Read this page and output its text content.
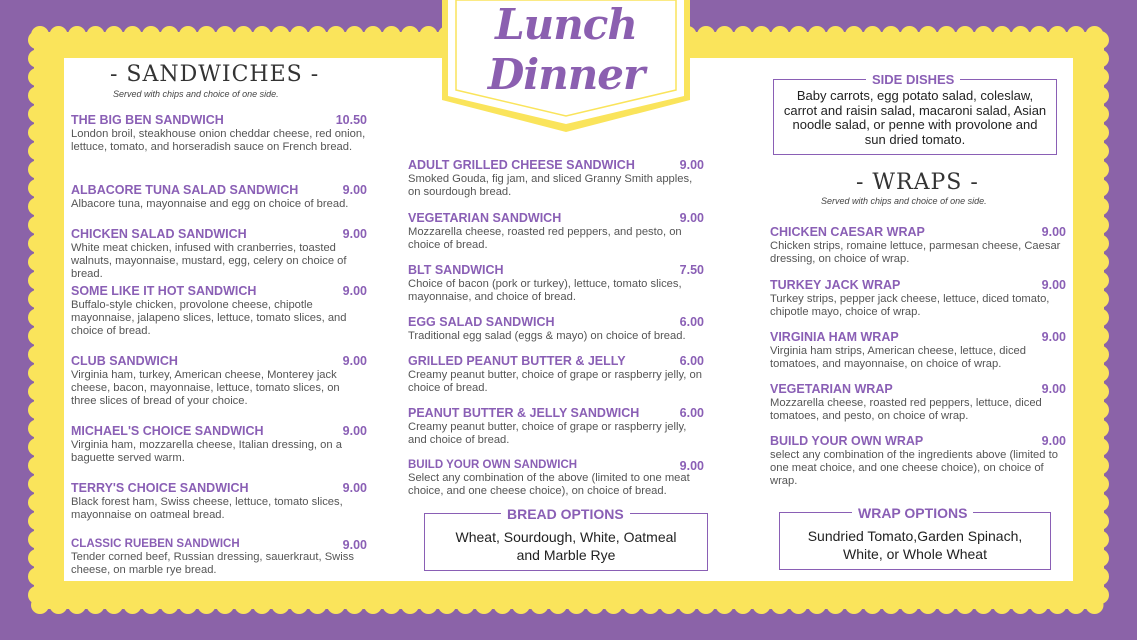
Lunch
Dinner
- SANDWICHES -
Served with chips and choice of one side.
THE BIG BEN SANDWICH	10.50
London broil, steakhouse onion cheddar cheese, red onion, lettuce, tomato, and horseradish sauce on French bread.
ALBACORE TUNA SALAD SANDWICH	9.00
Albacore tuna, mayonnaise and egg on choice of bread.
CHICKEN SALAD SANDWICH	9.00
White meat chicken, infused with cranberries, toasted walnuts, mayonnaise, mustard, egg, celery on choice of bread.
SOME LIKE IT HOT SANDWICH	9.00
Buffalo-style chicken, provolone cheese, chipotle mayonnaise, jalapeno slices, lettuce, tomato slices, and choice of bread.
CLUB SANDWICH	9.00
Virginia ham, turkey, American cheese, Monterey jack cheese, bacon, mayonnaise, lettuce, tomato slices, on three slices of bread of your choice.
MICHAEL'S CHOICE SANDWICH	9.00
Virginia ham, mozzarella cheese, Italian dressing, on a baguette served warm.
TERRY'S CHOICE SANDWICH	9.00
Black forest ham, Swiss cheese, lettuce, tomato slices, mayonnaise on oatmeal bread.
CLASSIC RUEBEN SANDWICH	9.00
Tender corned beef, Russian dressing, sauerkraut, Swiss cheese, on marble rye bread.
ADULT GRILLED CHEESE SANDWICH	9.00
Smoked Gouda, fig jam, and sliced Granny Smith apples, on sourdough bread.
VEGETARIAN SANDWICH	9.00
Mozzarella cheese, roasted red peppers, and pesto, on choice of bread.
BLT SANDWICH	7.50
Choice of bacon (pork or turkey), lettuce, tomato slices, mayonnaise, and choice of bread.
EGG SALAD SANDWICH	6.00
Traditional egg salad (eggs & mayo) on choice of bread.
GRILLED PEANUT BUTTER & JELLY	6.00
Creamy peanut butter, choice of grape or raspberry jelly, on choice of bread.
PEANUT BUTTER & JELLY SANDWICH	6.00
Creamy peanut butter, choice of grape or raspberry jelly, and choice of bread.
BUILD YOUR OWN SANDWICH	9.00
Select any combination of the above (limited to one meat choice, and one cheese choice), on choice of bread.
BREAD OPTIONS
Wheat, Sourdough, White, Oatmeal and Marble Rye
SIDE DISHES
Baby carrots, egg potato salad, coleslaw, carrot and raisin salad, macaroni salad, Asian noodle salad, or penne with provolone and sun dried tomato.
- WRAPS -
Served with chips and choice of one side.
CHICKEN CAESAR WRAP	9.00
Chicken strips, romaine lettuce, parmesan cheese, Caesar dressing, on choice of wrap.
TURKEY JACK WRAP	9.00
Turkey strips, pepper jack cheese, lettuce, diced tomato, chipotle mayo, choice of wrap.
VIRGINIA HAM WRAP	9.00
Virginia ham strips, American cheese, lettuce, diced tomatoes, and mayonnaise, on choice of wrap.
VEGETARIAN WRAP	9.00
Mozzarella cheese, roasted red peppers, lettuce, diced tomatoes, and pesto, on choice of wrap.
BUILD YOUR OWN WRAP	9.00
select any combination of the ingredients above (limited to one meat choice, and one cheese choice), on choice of wrap.
WRAP OPTIONS
Sundried Tomato,Garden Spinach, White, or Whole Wheat
